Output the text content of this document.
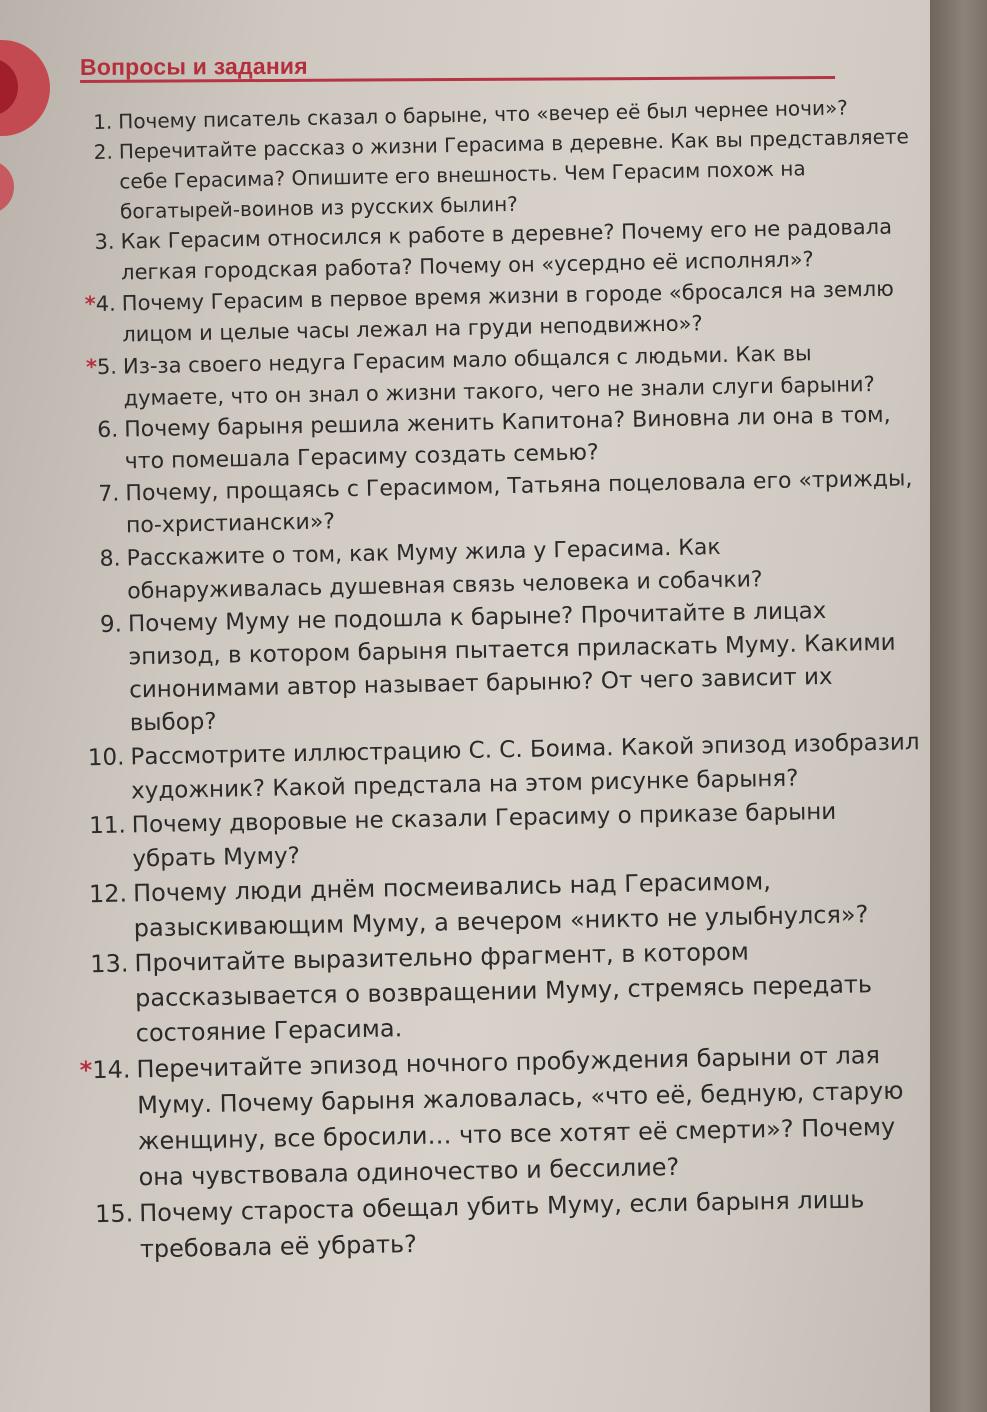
Вопросы и задания
1. Почему писатель сказал о барыне, что «вечер её был чернее ночи»?
2. Перечитайте рассказ о жизни Герасима в деревне. Как вы представляете себе Герасима? Опишите его внешность. Чем Герасим похож на богатырей-воинов из русских былин?
3. Как Герасим относился к работе в деревне? Почему его не радовала легкая городская работа? Почему он «усердно её исполнял»?
*4. Почему Герасим в первое время жизни в городе «бросался на землю лицом и целые часы лежал на груди неподвижно»?
*5. Из-за своего недуга Герасим мало общался с людьми. Как вы думаете, что он знал о жизни такого, чего не знали слуги барыни?
6. Почему барыня решила женить Капитона? Виновна ли она в том, что помешала Герасиму создать семью?
7. Почему, прощаясь с Герасимом, Татьяна поцеловала его «трижды, по-христиански»?
8. Расскажите о том, как Муму жила у Герасима. Как обнаруживалась душевная связь человека и собачки?
9. Почему Муму не подошла к барыне? Прочитайте в лицах эпизод, в котором барыня пытается приласкать Муму. Какими синонимами автор называет барыню? От чего зависит их выбор?
10. Рассмотрите иллюстрацию С. С. Боима. Какой эпизод изобразил художник? Какой предстала на этом рисунке барыня?
11. Почему дворовые не сказали Герасиму о приказе барыни убрать Муму?
12. Почему люди днём посмеивались над Герасимом, разыскивающим Муму, а вечером «никто не улыбнулся»?
13. Прочитайте выразительно фрагмент, в котором рассказывается о возвращении Муму, стремясь передать состояние Герасима.
*14. Перечитайте эпизод ночного пробуждения барыни от лая Муму. Почему барыня жаловалась, «что её, бедную, старую женщину, все бросили… что все хотят её смерти»? Почему она чувствовала одиночество и бессилие?
15. Почему староста обещал убить Муму, если барыня лишь требовала её убрать?
